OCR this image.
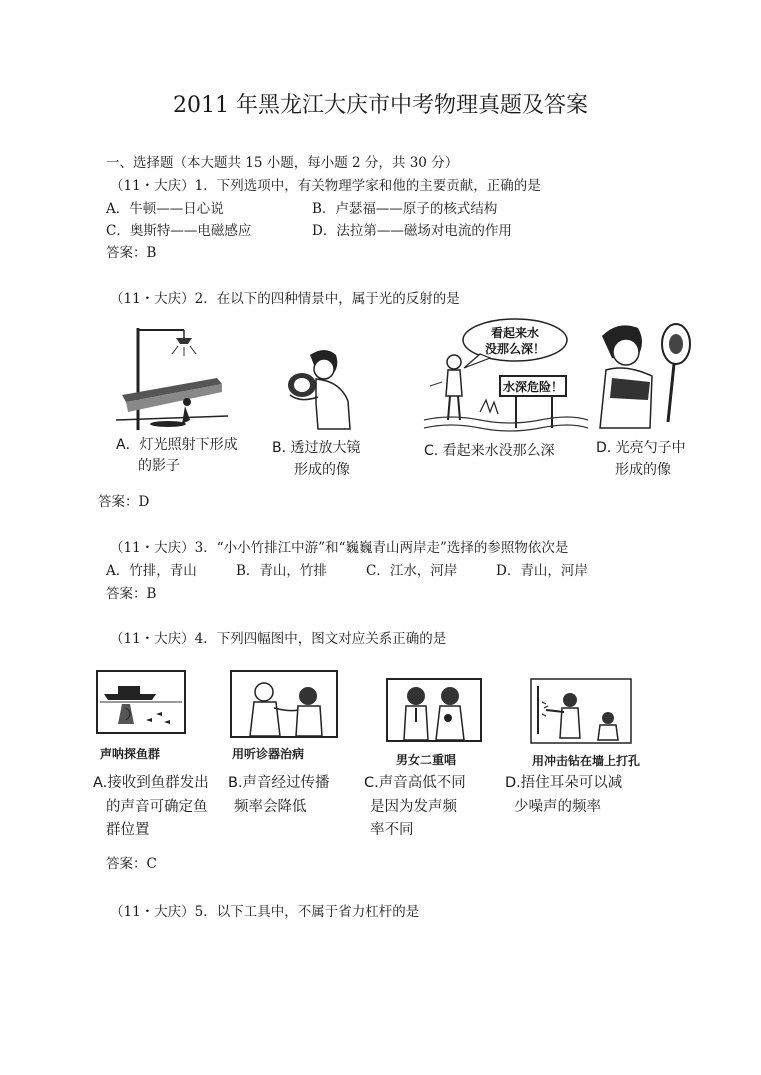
2011 年黑龙江大庆市中考物理真题及答案
一、选择题（本大题共 15 小题，每小题 2 分，共 30 分）
（11・大庆）1．下列选项中，有关物理学家和他的主要贡献，正确的是
A．牛顿——日心说	B．卢瑟福——原子的核式结构
C．奥斯特——电磁感应	D．法拉第——磁场对电流的作用
答案：B
（11・大庆）2．在以下的四种情景中，属于光的反射的是
A．灯光照射下形成
的影子
B. 透过放大镜
形成的像
看起来水
没那么深！
水深危险！
C. 看起来水没那么深	D. 光亮勺子中
形成的像
答案：D
（11・大庆）3．“小小竹排江中游”和“巍巍青山两岸走”选择的参照物依次是
A．竹排，青山	B．青山，竹排	C．江水，河岸	D．青山，河岸
答案：B
（11・大庆）4．下列四幅图中，图文对应关系正确的是
声呐探鱼群	用听诊器治病	男女二重唱	用冲击钻在墙上打孔
A.接收到鱼群发出
的声音可确定鱼
群位置
B.声音经过传播
频率会降低
C.声音高低不同
是因为发声频
率不同
D.捂住耳朵可以减
少噪声的频率
答案：C
（11・大庆）5．以下工具中，不属于省力杠杆的是
